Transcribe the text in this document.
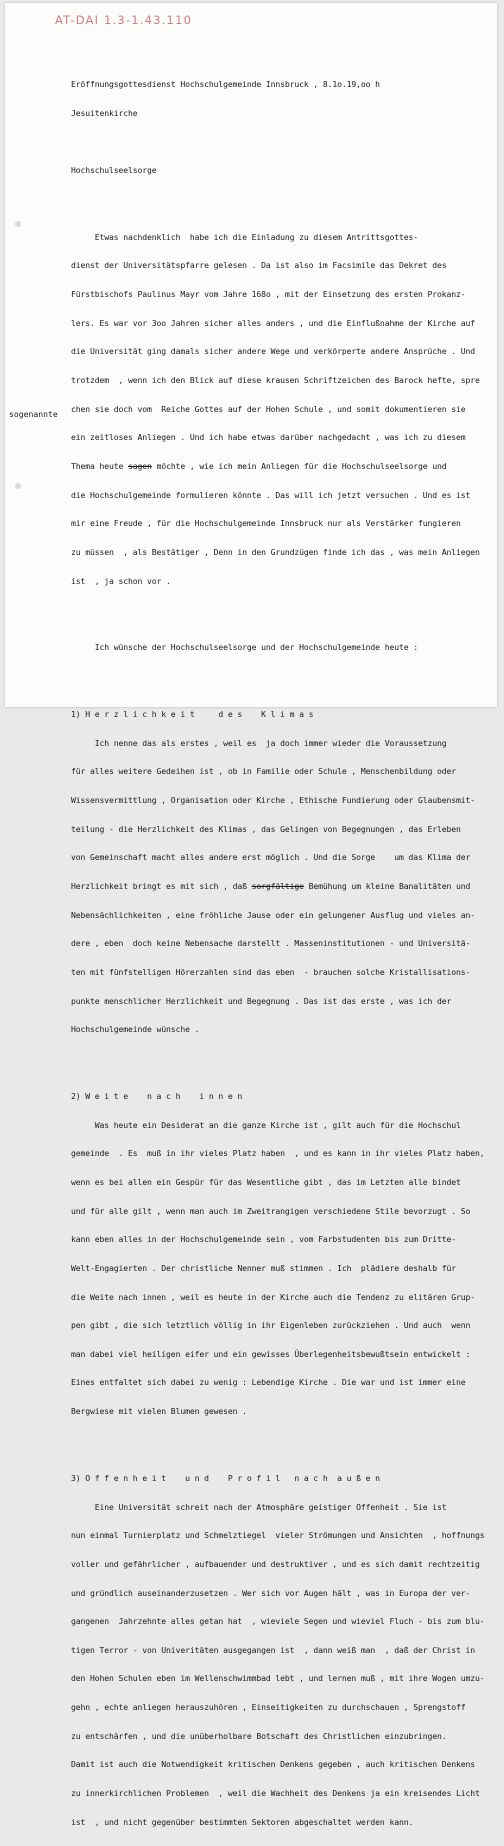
AT-DAI 1.3-1.43.110
sogenannte

Eröffnungsgottesdienst Hochschulgemeinde Innsbruck , 8.1o.19,oo h

Jesuitenkirche

Hochschulseelsorge

Etwas nachdenklich  habe ich die Einladung zu diesem Antrittsgottes-

dienst der Universitätspfarre gelesen . Da ist also im Facsimile das Dekret des

Fürstbischofs Paulinus Mayr vom Jahre 168o , mit der Einsetzung des ersten Prokanz-

lers. Es war vor 3oo Jahren sicher alles anders , und die Einflußnahme der Kirche auf

die Universität ging damals sicher andere Wege und verkörperte andere Ansprüche . Und

trotzdem  , wenn ich den Blick auf diese krausen Schriftzeichen des Barock hefte, spre

chen sie doch vom  Reiche Gottes auf der Hohen Schule , und somit dokumentieren sie

ein zeitloses Anliegen . Und ich habe etwas darüber nachgedacht , was ich zu diesem

Thema heute sagen möchte , wie ich mein Anliegen für die Hochschulseelsorge und

die Hochschulgemeinde formulieren könnte . Das will ich jetzt versuchen . Und es ist

mir eine Freude , für die Hochschulgemeinde Innsbruck nur als Verstärker fungieren

zu müssen  , als Bestätiger , Denn in den Grundzügen finde ich das , was mein Anliegen

ist  , ja schon vor .

Ich wünsche der Hochschulseelsorge und der Hochschulgemeinde heute :

1) H e r z l i c h k e i t     d e s    K l i m a s

Ich nenne das als erstes , weil es  ja doch immer wieder die Voraussetzung

für alles weitere Gedeihen ist , ob in Familie oder Schule , Menschenbildung oder

Wissensvermittlung , Organisation oder Kirche , Ethische Fundierung oder Glaubensmit-

teilung - die Herzlichkeit des Klimas , das Gelingen von Begegnungen , das Erleben

von Gemeinschaft macht alles andere erst möglich . Und die Sorge    um das Klima der

Herzlichkeit bringt es mit sich , daß sorgfältige Bemühung um kleine Banalitäten und

Nebensächlichkeiten , eine fröhliche Jause oder ein gelungener Ausflug und vieles an-

dere , eben  doch keine Nebensache darstellt . Masseninstitutionen - und Universitä-

ten mit fünfstelligen Hörerzahlen sind das eben  - brauchen solche Kristallisations-

punkte menschlicher Herzlichkeit und Begegnung . Das ist das erste , was ich der

Hochschulgemeinde wünsche .

2) W e i t e    n a c h    i n n e n

Was heute ein Desiderat an die ganze Kirche ist , gilt auch für die Hochschul

gemeinde  . Es  muß in ihr vieles Platz haben  , und es kann in ihr vieles Platz haben,

wenn es bei allen ein Gespür für das Wesentliche gibt , das im Letzten alle bindet

und für alle gilt , wenn man auch im Zweitrangigen verschiedene Stile bevorzugt . So

kann eben alles in der Hochschulgemeinde sein , vom Farbstudenten bis zum Dritte-

Welt-Engagierten . Der christliche Nenner muß stimmen . Ich  plädiere deshalb für

die Weite nach innen , weil es heute in der Kirche auch die Tendenz zu elitären Grup-

pen gibt , die sich letztlich völlig in ihr Eigenleben zurückziehen . Und auch  wenn

man dabei viel heiligen eifer und ein gewisses Überlegenheitsbewußtsein entwickelt :

Eines entfaltet sich dabei zu wenig : Lebendige Kirche . Die war und ist immer eine

Bergwiese mit vielen Blumen gewesen .

3) O f f e n h e i t    u n d    P r o f i l   n a c h  a u ß e n

Eine Universität schreit nach der Atmosphäre geistiger Offenheit . Sie ist

nun einmal Turnierplatz und Schmelztiegel  vieler Strömungen und Ansichten  , hoffnungs

voller und gefährlicher , aufbauender und destruktiver , und es sich damit rechtzeitig

und gründlich auseinanderzusetzen . Wer sich vor Augen hält , was in Europa der ver-

gangenen  Jahrzehnte alles getan hat  , wieviele Segen und wieviel Fluch - bis zum blu-

tigen Terror - von Univeritäten ausgegangen ist  , dann weiß man  , daß der Christ in

den Hohen Schulen eben im Wellenschwimmbad lebt , und lernen muß , mit ihre Wogen umzu-

gehn , echte anliegen herauszuhören , Einseitigkeiten zu durchschauen , Sprengstoff

zu entschärfen , und die unüberholbare Botschaft des Christlichen einzubringen.

Damit ist auch die Notwendigkeit kritischen Denkens gegeben , auch kritischen Denkens

zu innerkirchlichen Problemen  , weil die Wachheit des Denkens ja ein kreisendes Licht

ist  , und nicht gegenüber bestimmten Sektoren abgeschaltet werden kann.
